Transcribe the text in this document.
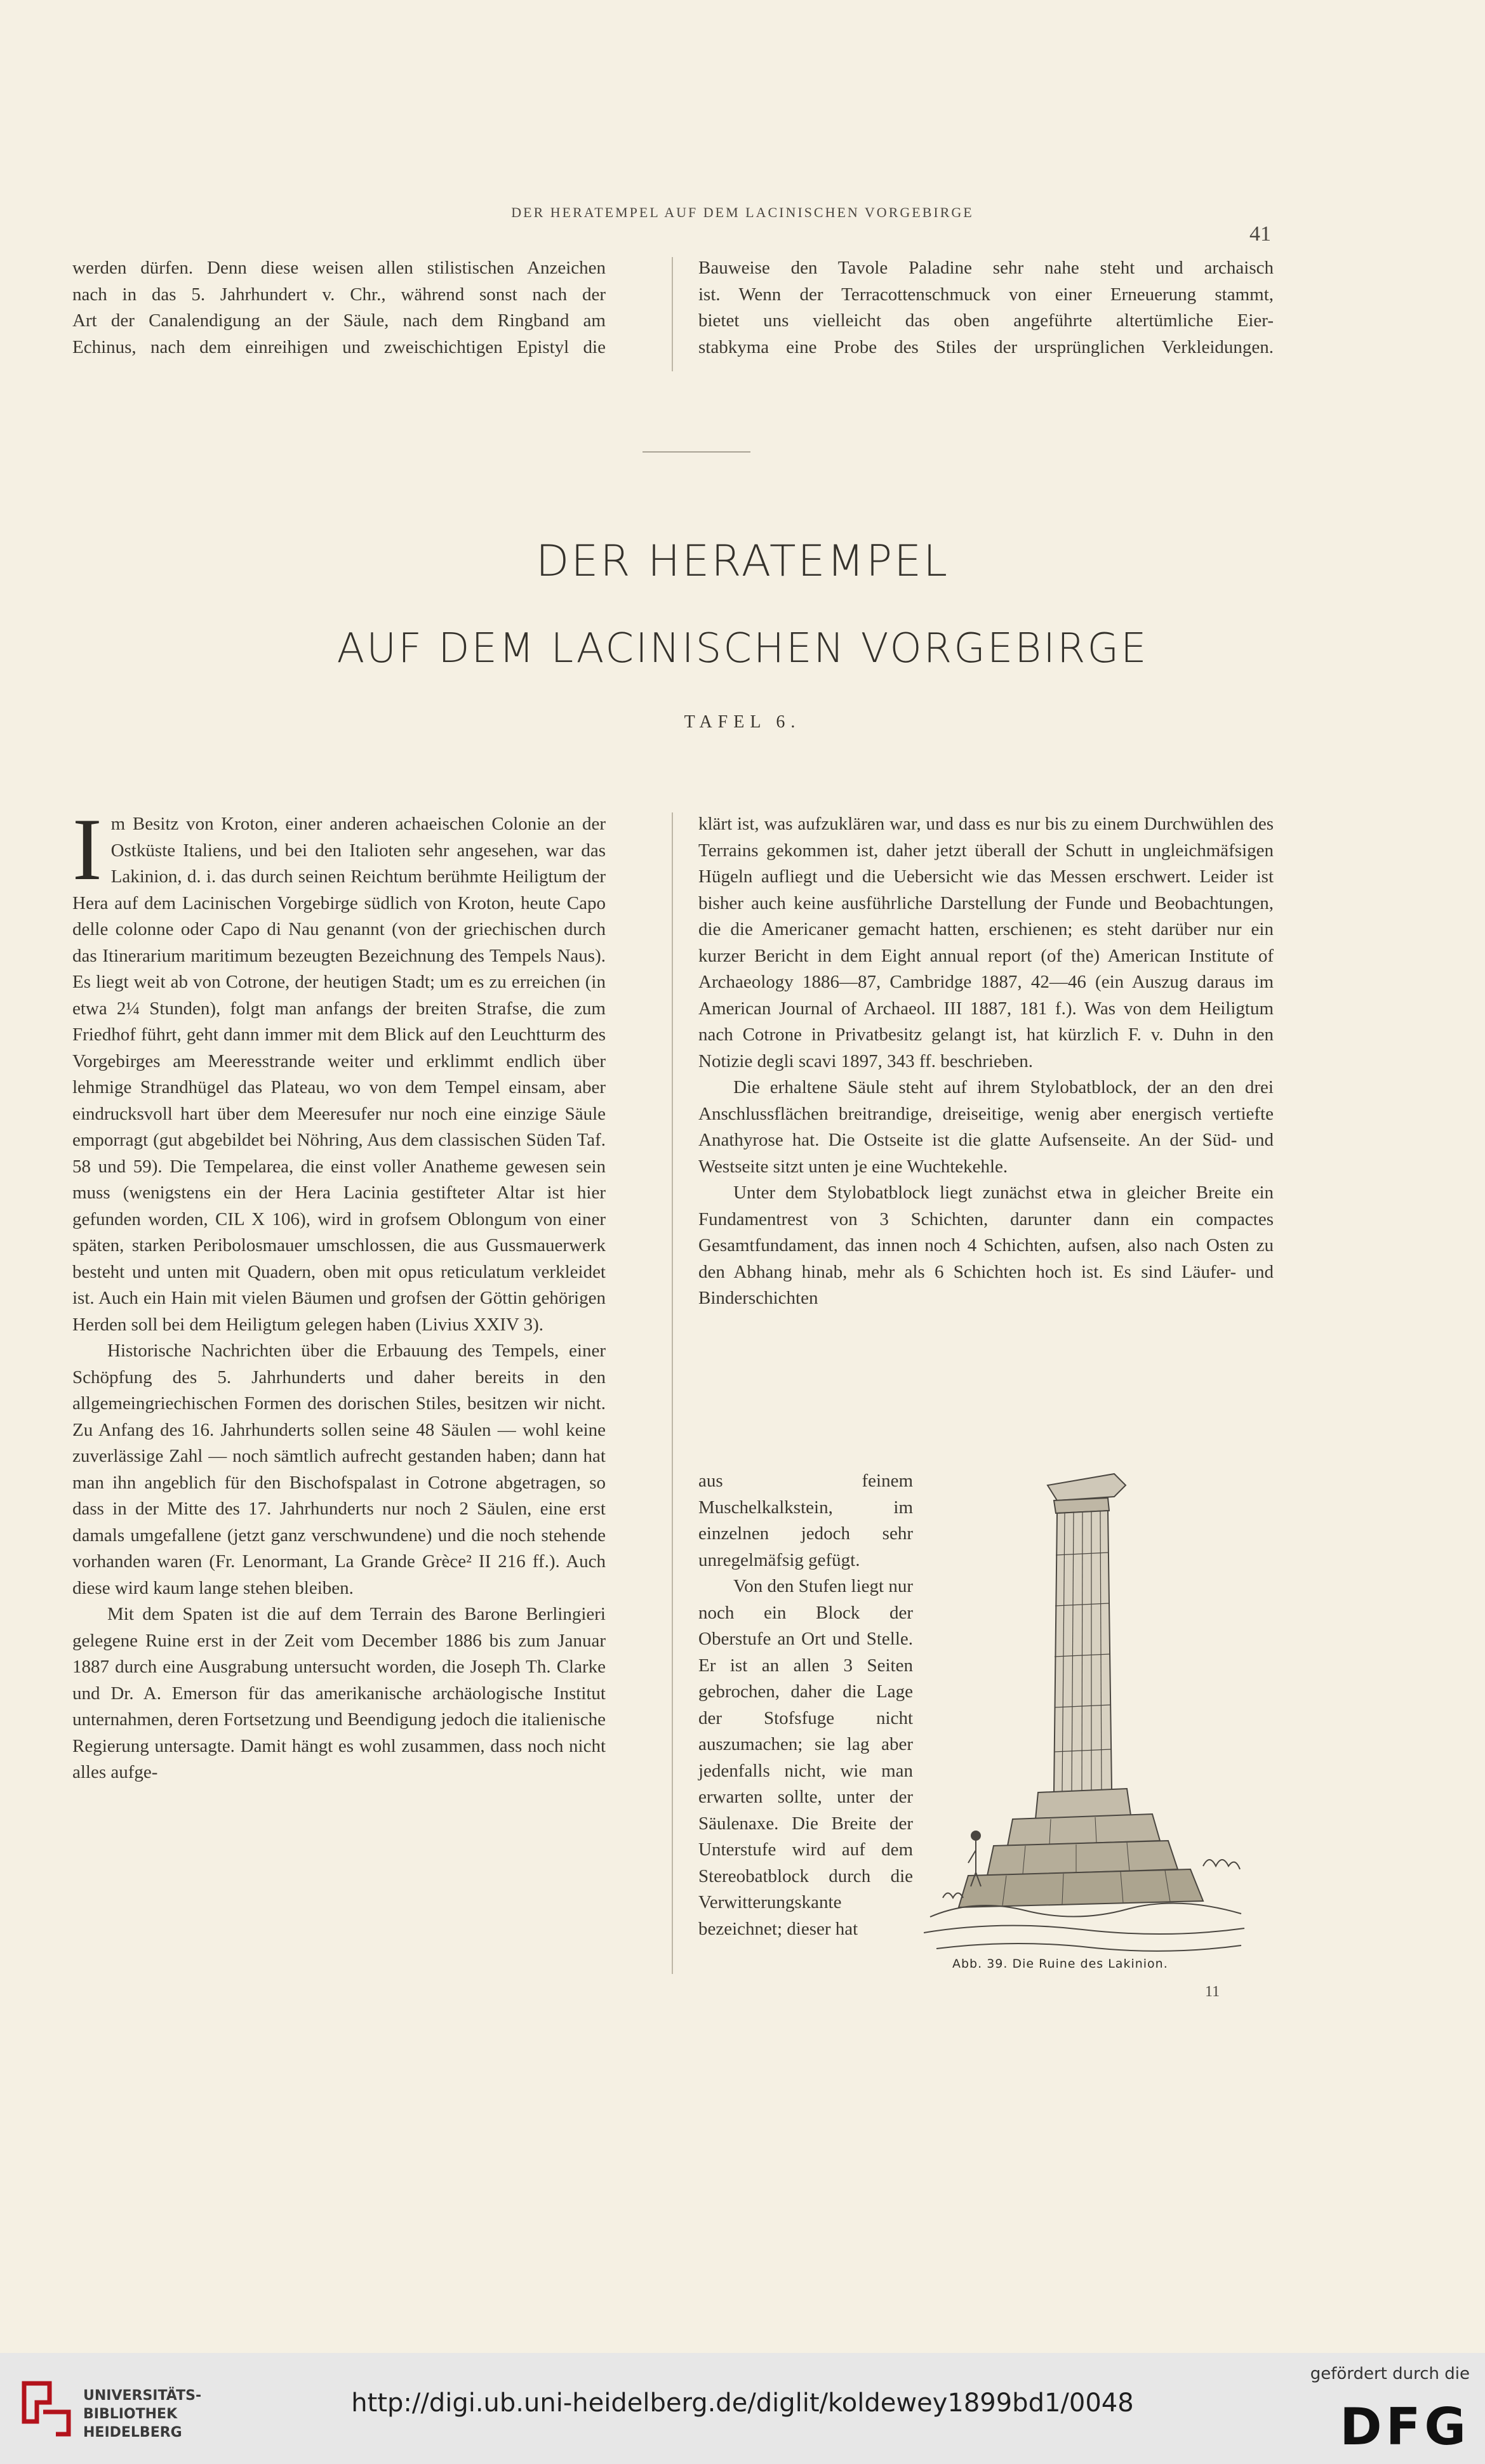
DER HERATEMPEL AUF DEM LACINISCHEN VORGEBIRGE
41
werden dürfen. Denn diese weisen allen stilistischen Anzeichen
nach in das 5. Jahrhundert v. Chr., während sonst nach der
Art der Canalendigung an der Säule, nach dem Ringband am
Echinus, nach dem einreihigen und zweischichtigen Epistyl die
Bauweise den Tavole Paladine sehr nahe steht und archaisch
ist. Wenn der Terracottenschmuck von einer Erneuerung stammt,
bietet uns vielleicht das oben angeführte altertümliche Eier-
stabkyma eine Probe des Stiles der ursprünglichen Verkleidungen.
DER HERATEMPEL
AUF DEM LACINISCHEN VORGEBIRGE
TAFEL 6.

Im Besitz von Kroton, einer anderen achaeischen Colonie an der Ostküste Italiens, und bei den Italioten sehr angesehen, war das Lakinion, d. i. das durch seinen Reichtum berühmte Heiligtum der Hera auf dem Lacinischen Vorgebirge südlich von Kroton, heute Capo delle colonne oder Capo di Nau genannt (von der griechischen durch das Itinerarium maritimum bezeugten Bezeichnung des Tempels Naus). Es liegt weit ab von Cotrone, der heutigen Stadt; um es zu erreichen (in etwa 2¼ Stunden), folgt man anfangs der breiten Strafse, die zum Friedhof führt, geht dann immer mit dem Blick auf den Leuchtturm des Vorgebirges am Meeresstrande weiter und erklimmt endlich über lehmige Strandhügel das Plateau, wo von dem Tempel einsam, aber eindrucksvoll hart über dem Meeresufer nur noch eine einzige Säule emporragt (gut abgebildet bei Nöhring, Aus dem classischen Süden Taf. 58 und 59). Die Tempelarea, die einst voller Anatheme gewesen sein muss (wenigstens ein der Hera Lacinia gestifteter Altar ist hier gefunden worden, CIL X 106), wird in grofsem Oblongum von einer späten, starken Peribolosmauer umschlossen, die aus Gussmauerwerk besteht und unten mit Quadern, oben mit opus reticulatum verkleidet ist. Auch ein Hain mit vielen Bäumen und grofsen der Göttin gehörigen Herden soll bei dem Heiligtum gelegen haben (Livius XXIV 3).

Historische Nachrichten über die Erbauung des Tempels, einer Schöpfung des 5. Jahrhunderts und daher bereits in den allgemeingriechischen Formen des dorischen Stiles, besitzen wir nicht. Zu Anfang des 16. Jahrhunderts sollen seine 48 Säulen — wohl keine zuverlässige Zahl — noch sämtlich aufrecht gestanden haben; dann hat man ihn angeblich für den Bischofspalast in Cotrone abgetragen, so dass in der Mitte des 17. Jahrhunderts nur noch 2 Säulen, eine erst damals umgefallene (jetzt ganz verschwundene) und die noch stehende vorhanden waren (Fr. Lenormant, La Grande Grèce² II 216 ff.). Auch diese wird kaum lange stehen bleiben.

Mit dem Spaten ist die auf dem Terrain des Barone Berlingieri gelegene Ruine erst in der Zeit vom December 1886 bis zum Januar 1887 durch eine Ausgrabung untersucht worden, die Joseph Th. Clarke und Dr. A. Emerson für das amerikanische archäologische Institut unternahmen, deren Fortsetzung und Beendigung jedoch die italienische Regierung untersagte. Damit hängt es wohl zusammen, dass noch nicht alles aufge-

klärt ist, was aufzuklären war, und dass es nur bis zu einem Durchwühlen des Terrains gekommen ist, daher jetzt überall der Schutt in ungleichmäfsigen Hügeln aufliegt und die Uebersicht wie das Messen erschwert. Leider ist bisher auch keine ausführliche Darstellung der Funde und Beobachtungen, die die Americaner gemacht hatten, erschienen; es steht darüber nur ein kurzer Bericht in dem Eight annual report (of the) American Institute of Archaeology 1886—87, Cambridge 1887, 42—46 (ein Auszug daraus im American Journal of Archaeol. III 1887, 181 f.). Was von dem Heiligtum nach Cotrone in Privatbesitz gelangt ist, hat kürzlich F. v. Duhn in den Notizie degli scavi 1897, 343 ff. beschrieben.

Die erhaltene Säule steht auf ihrem Stylobatblock, der an den drei Anschlussflächen breitrandige, dreiseitige, wenig aber energisch vertiefte Anathyrose hat. Die Ostseite ist die glatte Aufsenseite. An der Süd- und Westseite sitzt unten je eine Wuchtekehle.

Unter dem Stylobatblock liegt zunächst etwa in gleicher Breite ein Fundamentrest von 3 Schichten, darunter dann ein compactes Gesamtfundament, das innen noch 4 Schichten, aufsen, also nach Osten zu den Abhang hinab, mehr als 6 Schichten hoch ist. Es sind Läufer- und Binderschichten

aus feinem Muschelkalkstein, im einzelnen jedoch sehr unregelmäfsig gefügt.

Von den Stufen liegt nur noch ein Block der Oberstufe an Ort und Stelle. Er ist an allen 3 Seiten gebrochen, daher die Lage der Stofsfuge nicht auszumachen; sie lag aber jedenfalls nicht, wie man erwarten sollte, unter der Säulenaxe. Die Breite der Unterstufe wird auf dem Stereobatblock durch die Verwitterungskante bezeichnet; dieser hat

Abb. 39. Die Ruine des Lakinion.
11
UNIVERSITÄTS-
BIBLIOTHEK
HEIDELBERG
http://digi.ub.uni-heidelberg.de/diglit/koldewey1899bd1/0048
gefördert durch die
DFG
